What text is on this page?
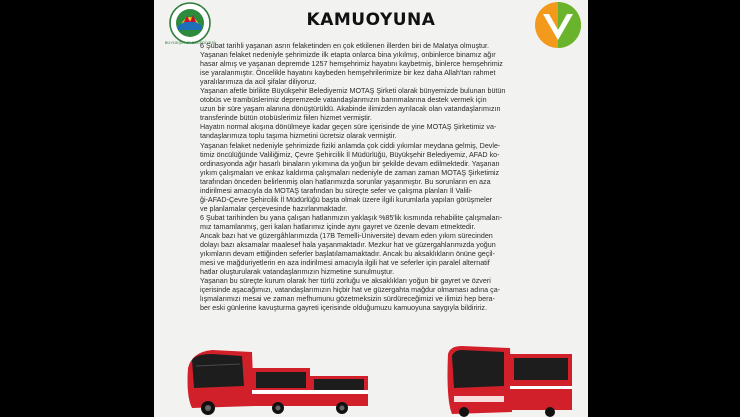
BÜYÜKŞEHİR BELEDİYESİ
KAMUOYUNA

6 Şubat tarihli yaşanan asrın felaketinden en çok etkilenen illerden biri de Malatya olmuştur.
Yaşanan felaket nedeniyle şehrimizde ilk etapta onlarca bina yıkılmış, onbinlerce binamız ağır
hasar almış ve yaşanan depremde 1257 hemşehrimiz hayatını kaybetmiş, binlerce hemşehrimiz
ise yaralanmıştır. Öncelikle hayatını kaybeden hemşehrilerimize bir kez daha Allah'tan rahmet
yaralılarımıza da acil şifalar diliyoruz.

Yaşanan afetle birlikte Büyükşehir Belediyemiz MOTAŞ Şirketi olarak bünyemizde bulunan bütün
otobüs ve trambüslerimiz depremzede vatandaşlarımızın barınmalarına destek vermek için
uzun bir süre yaşam alanına dönüştürüldü. Akabinde ilimizden ayrılacak olan vatandaşlarımızın
transferinde bütün otobüslerimiz fiilen hizmet vermiştir.

Hayatın normal akışına dönülmeye kadar geçen süre içerisinde de yine MOTAŞ Şirketimiz va-
tandaşlarımıza toplu taşıma hizmetini ücretsiz olarak vermiştir.

Yaşanan felaket nedeniyle şehrimizde fiziki anlamda çok ciddi yıkımlar meydana gelmiş, Devle-
timiz öncülüğünde Valiliğimiz, Çevre Şehircilik İl Müdürlüğü, Büyükşehir Belediyemiz, AFAD ko-
ordinasyonda ağır hasarlı binaların yıkımına da yoğun bir şekilde devam edilmektedir. Yaşanan
yıkım çalışmaları ve enkaz kaldırma çalışmaları nedeniyle de zaman zaman MOTAŞ Şirketimiz
tarafından önceden belirlenmiş olan hatlarımızda sorunlar yaşanmıştır. Bu sorunların en aza
indirilmesi amacıyla da MOTAŞ tarafından bu süreçte sefer ve çalışma planları İl Valili-
ği-AFAD-Çevre Şehircilik İl Müdürlüğü başta olmak üzere ilgili kurumlarla yapılan görüşmeler
ve planlamalar çerçevesinde hazırlanmaktadır.

6 Şubat tarihinden bu yana çalışan hatlarımızın yaklaşık %85'lik kısmında rehabilite çalışmaları-
mız tamamlanmış, geri kalan hatlarımız içinde aynı gayret ve özenle devam etmektedir.

Ancak bazı hat ve güzergâhlarımızda (17B Temelli-Üniversite) devam eden yıkım sürecinden
dolayı bazı aksamalar maalesef hala yaşanmaktadır. Mezkur hat ve güzergahlarımızda yoğun
yıkımların devam ettiğinden seferler başlatılamamaktadır. Ancak bu aksaklıkların önüne geçil-
mesi ve mağduriyetlerin en aza indirilmesi amacıyla ilgili hat ve seferler için paralel alternatif
hatlar oluşturularak vatandaşlarımızın hizmetine sunulmuştur.

Yaşanan bu süreçte kurum olarak her türlü zorluğu ve aksaklıkları yoğun bir gayret ve özveri
içerisinde aşacağımızı, vatandaşlarımızın hiçbir hat ve güzergahta mağdur olmaması adına ça-
lışmalarımızı mesai ve zaman mefhumunu gözetmeksizin sürdüreceğimizi ve ilimizi hep bera-
ber eski günlerine kavuşturma gayreti içerisinde olduğumuzu kamuoyuna saygıyla bildiririz.
